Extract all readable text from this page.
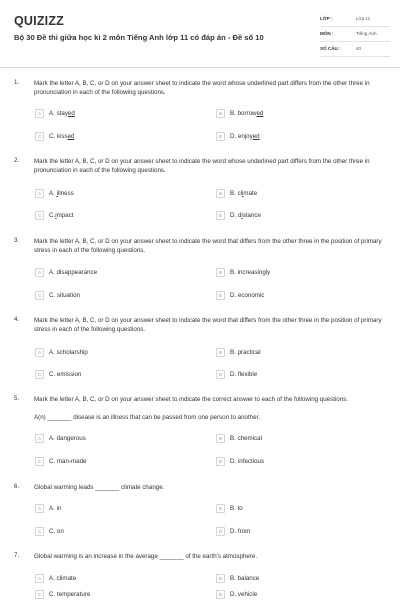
QUIZIZZ
Bộ 30 Đề thi giữa học kì 2 môn Tiếng Anh lớp 11 có đáp án - Đề số 10
LỚP :	Lớp 11
MÔN :	Tiếng Anh
SỐ CÂU :	40
1. Mark the letter A, B, C, or D on your answer sheet to indicate the word whose underlined part differs from the other three in pronunciation in each of the following questions.
A	A. stayed	B	B. borrowed
C	C. kissed	D	D. enjoyed
2. Mark the letter A, B, C, or D on your answer sheet to indicate the word whose underlined part differs from the other three in pronunciation in each of the following questions.
A	A. illness	B	B. climate
C	C.impact	D	D. distance
3. Mark the letter A, B, C, or D on your answer sheet to indicate the word that differs from the other three in the position of primary stress in each of the following questions.
A	A. disappearance	B	B. increasingly
C	C. situation	D	D. economic
4. Mark the letter A, B, C, or D on your answer sheet to indicate the word that differs from the other three in the position of primary stress in each of the following questions.
A	A. scholarship	B	B. practical
C	C. emission	D	D. flexible
5. Mark the letter A, B, C, or D on your answer sheet to indicate the correct answer to each of the following questions.
A(n) _______ disease is an illness that can be passed from one person to another.
A	A. dangerous	B	B. chemical
C	C. man-made	D	D. infectious
6. Global warming leads _______ climate change.
A	A. in	B	B. to
C	C. on	D	D. from
7. Global warming is an increase in the average _______ of the earth's atmosphere.
A	A. climate	B	B. balance
C	C. temperature	D	D. vehicle
